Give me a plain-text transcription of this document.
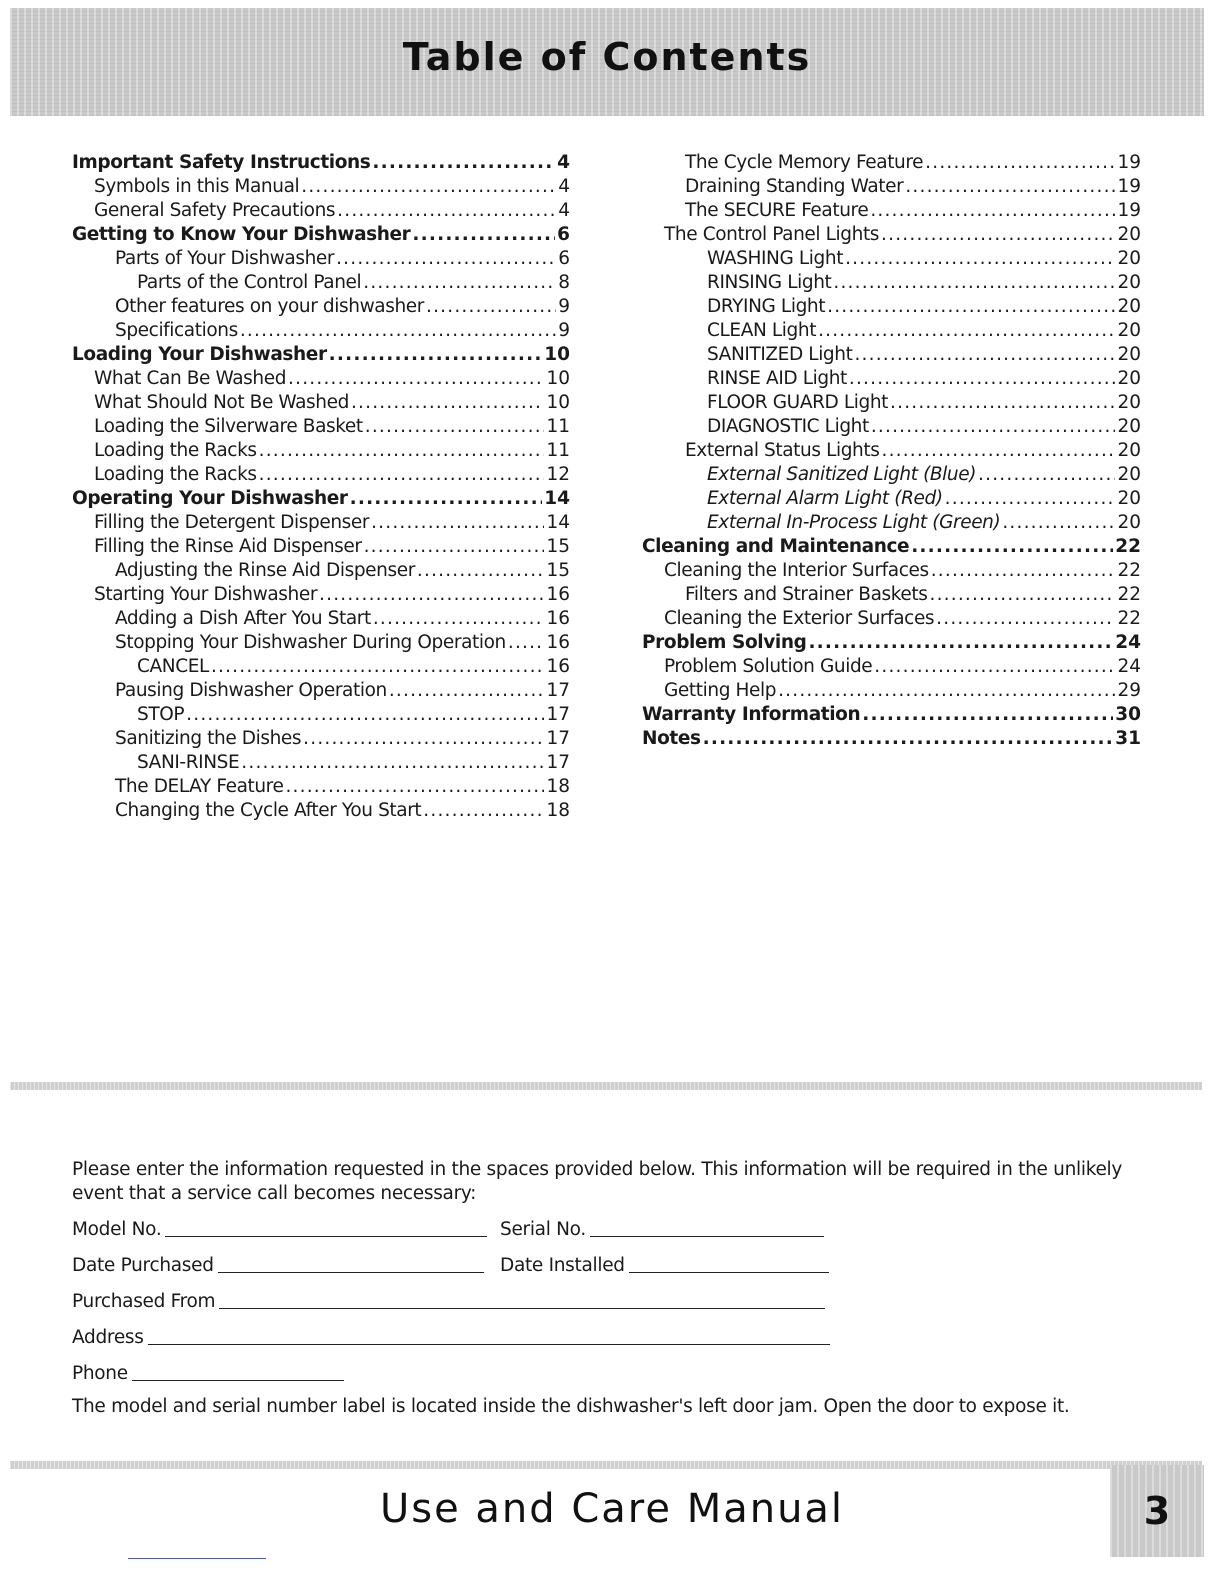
Table of Contents
Important Safety Instructions .....	4
Symbols in this Manual .....	4
General Safety Precautions .....	4
Getting to Know Your Dishwasher .....	6
Parts of Your Dishwasher .....	6
Parts of the Control Panel .....	8
Other features on your dishwasher .....	9
Specifications .....	9
Loading Your Dishwasher .....	10
What Can Be Washed .....	10
What Should Not Be Washed .....	10
Loading the Silverware Basket .....	11
Loading the Racks .....	11
Loading the Racks .....	12
Operating Your Dishwasher .....	14
Filling the Detergent Dispenser .....	14
Filling the Rinse Aid Dispenser .....	15
Adjusting the Rinse Aid Dispenser .....	15
Starting Your Dishwasher .....	16
Adding a Dish After You Start .....	16
Stopping Your Dishwasher During Operation ..... 16
CANCEL .....	16
Pausing Dishwasher Operation .....	17
STOP .....	17
Sanitizing the Dishes .....	17
SANI-RINSE .....	17
The DELAY Feature .....	18
Changing the Cycle After You Start .....	18
The Cycle Memory Feature .....	19
Draining Standing Water .....	19
The SECURE Feature .....	19
The Control Panel Lights .....	20
WASHING Light .....	20
RINSING Light .....	20
DRYING Light .....	20
CLEAN Light .....	20
SANITIZED Light .....	20
RINSE AID Light .....	20
FLOOR GUARD Light .....	20
DIAGNOSTIC Light .....	20
External Status Lights .....	20
External Sanitized Light (Blue) .....	20
External Alarm Light (Red) .....	20
External In-Process Light (Green) .....	20
Cleaning and Maintenance .....	22
Cleaning the Interior Surfaces .....	22
Filters and Strainer Baskets .....	22
Cleaning the Exterior Surfaces .....	22
Problem Solving .....	24
Problem Solution Guide .....	24
Getting Help .....	29
Warranty Information .....	30
Notes .....	31
Please enter the information requested in the spaces provided below. This information will be required in the unlikely event that a service call becomes necessary:
Model No.	Serial No.
Date Purchased	Date Installed
Purchased From
Address
Phone
The model and serial number label is located inside the dishwasher's left door jam. Open the door to expose it.
Use and Care Manual	3
